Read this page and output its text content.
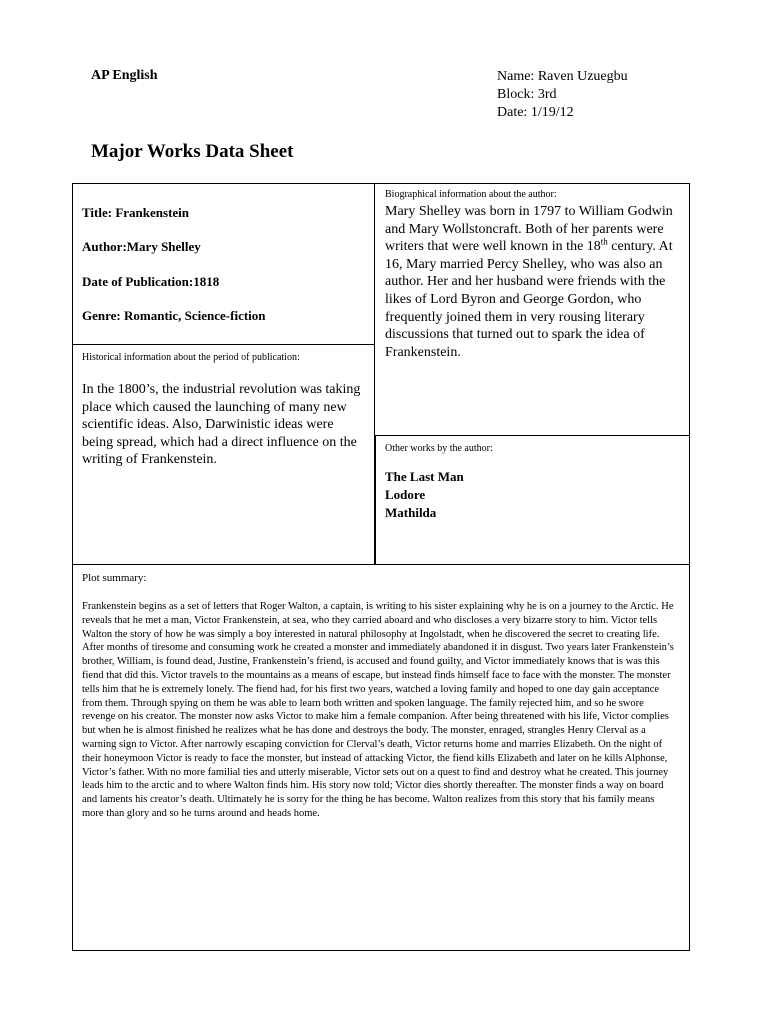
AP English	Name: Raven Uzuegbu
Block: 3rd
Date: 1/19/12
Major Works Data Sheet
Title: Frankenstein
Author:Mary Shelley
Date of Publication:1818
Genre: Romantic, Science-fiction
Biographical information about the author:
Mary Shelley was born in 1797 to William Godwin and Mary Wollstoncraft. Both of her parents were writers that were well known in the 18th century. At 16, Mary married Percy Shelley, who was also an author. Her and her husband were friends with the likes of Lord Byron and George Gordon, who frequently joined them in very rousing literary discussions that turned out to spark the idea of Frankenstein.
Historical information about the period of publication:
In the 1800’s, the industrial revolution was taking place which caused the launching of many new scientific ideas. Also, Darwinistic ideas were being spread, which had a direct influence on the writing of Frankenstein.
Other works by the author:
The Last Man
Lodore
Mathilda
Plot summary:
Frankenstein begins as a set of letters that Roger Walton, a captain, is writing to his sister explaining why he is on a journey to the Arctic. He reveals that he met a man, Victor Frankenstein, at sea, who they carried aboard and who discloses a very bizarre story to him. Victor tells Walton the story of how he was simply a boy interested in natural philosophy at Ingolstadt, when he discovered the secret to creating life. After months of tiresome and consuming work he created a monster and immediately abandoned it in disgust. Two years later Frankenstein’s brother, William, is found dead, Justine, Frankenstein’s friend, is accused and found guilty, and Victor immediately knows that is was this fiend that did this. Victor travels to the mountains as a means of escape, but instead finds himself face to face with the monster. The monster tells him that he is extremely lonely. The fiend had, for his first two years, watched a loving family and hoped to one day gain acceptance from them. Through spying on them he was able to learn both written and spoken language. The family rejected him, and so he swore revenge on his creator. The monster now asks Victor to make him a female companion. After being threatened with his life, Victor complies but when he is almost finished he realizes what he has done and destroys the body. The monster, enraged, strangles Henry Clerval as a warning sign to Victor. After narrowly escaping conviction for Clerval’s death, Victor returns home and marries Elizabeth. On the night of their honeymoon Victor is ready to face the monster, but instead of attacking Victor, the fiend kills Elizabeth and later on he kills Alphonse, Victor’s father. With no more familial ties and utterly miserable, Victor sets out on a quest to find and destroy what he created. This journey leads him to the arctic and to where Walton finds him. His story now told; Victor dies shortly thereafter. The monster finds a way on board and laments his creator’s death. Ultimately he is sorry for the thing he has become. Walton realizes from this story that his family means more than glory and so he turns around and heads home.
